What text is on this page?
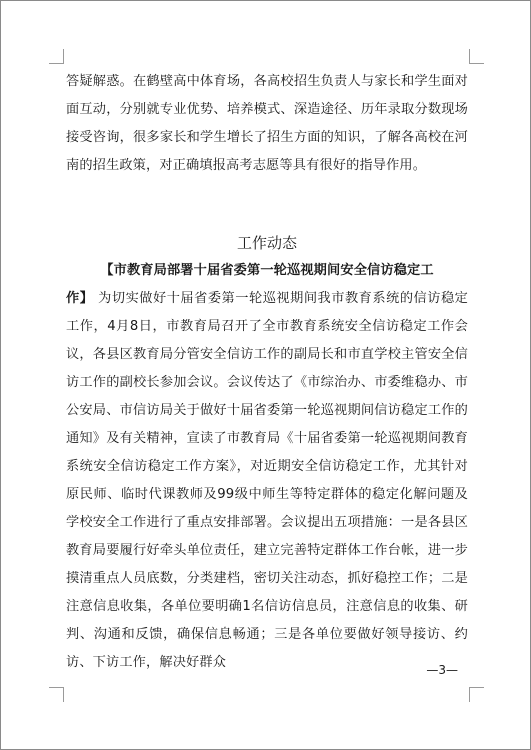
答疑解惑。在鹤壁高中体育场，各高校招生负责人与家长和学生面对面互动，分别就专业优势、培养模式、深造途径、历年录取分数现场接受咨询，很多家长和学生增长了招生方面的知识，了解各高校在河南的招生政策，对正确填报高考志愿等具有很好的指导作用。
工作动态
【市教育局部署十届省委第一轮巡视期间安全信访稳定工
作】 为切实做好十届省委第一轮巡视期间我市教育系统的信访稳定工作，4月8日，市教育局召开了全市教育系统安全信访稳定工作会议，各县区教育局分管安全信访工作的副局长和市直学校主管安全信访工作的副校长参加会议。会议传达了《市综治办、市委维稳办、市公安局、市信访局关于做好十届省委第一轮巡视期间信访稳定工作的通知》及有关精神，宣读了市教育局《十届省委第一轮巡视期间教育系统安全信访稳定工作方案》，对近期安全信访稳定工作，尤其针对原民师、临时代课教师及99级中师生等特定群体的稳定化解问题及学校安全工作进行了重点安排部署。会议提出五项措施：一是各县区教育局要履行好牵头单位责任，建立完善特定群体工作台帐，进一步摸清重点人员底数，分类建档，密切关注动态，抓好稳控工作；二是注意信息收集，各单位要明确1名信访信息员，注意信息的收集、研判、沟通和反馈，确保信息畅通；三是各单位要做好领导接访、约访、下访工作，解决好群众	—3—
